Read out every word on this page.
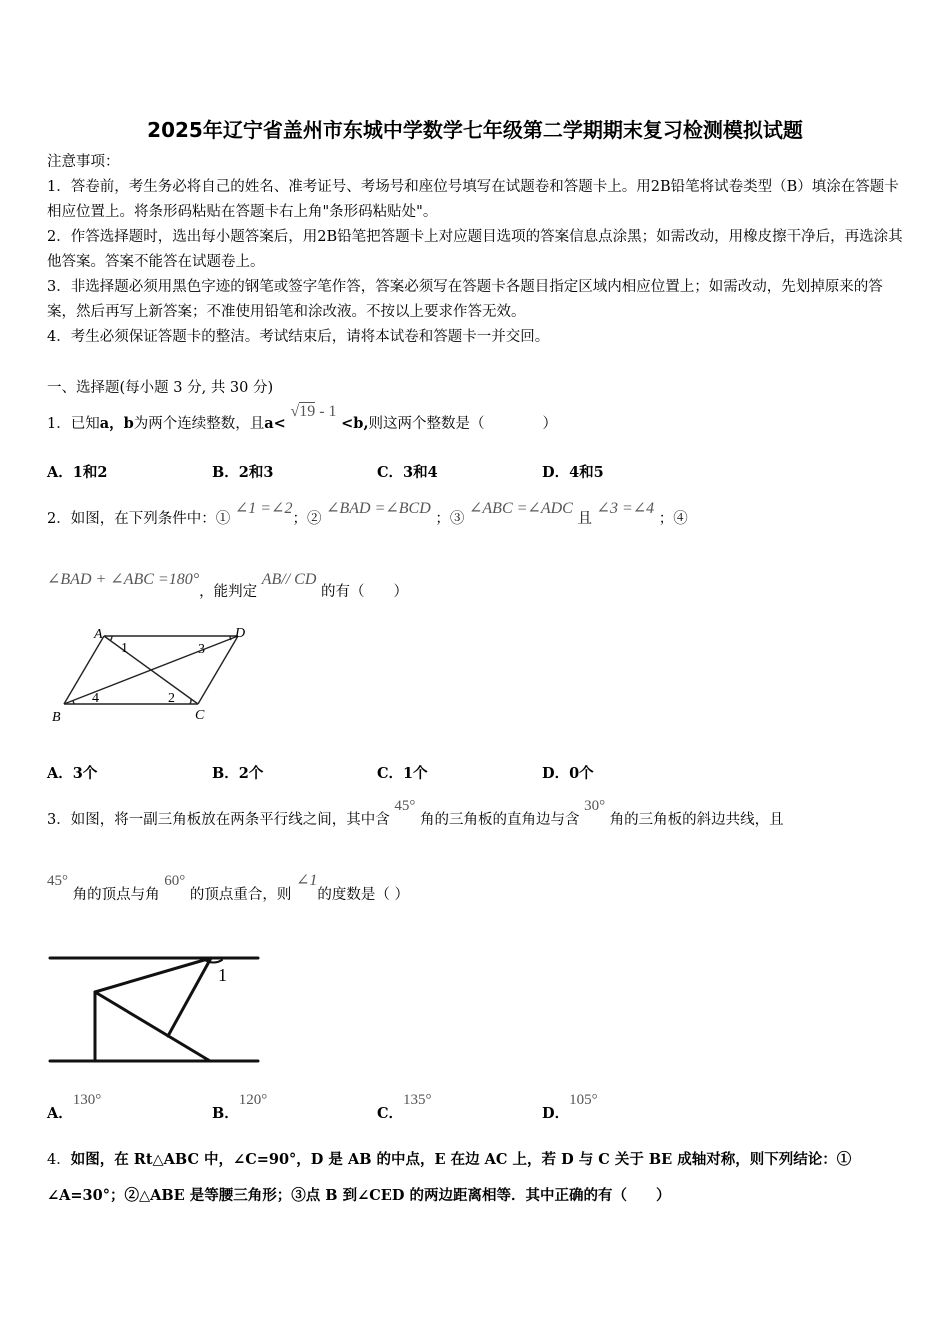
2025年辽宁省盖州市东城中学数学七年级第二学期期末复习检测模拟试题
注意事项：
1．答卷前，考生务必将自己的姓名、准考证号、考场号和座位号填写在试题卷和答题卡上。用2B铅笔将试卷类型（B）填涂在答题卡相应位置上。将条形码粘贴在答题卡右上角"条形码粘贴处"。
2．作答选择题时，选出每小题答案后，用2B铅笔把答题卡上对应题目选项的答案信息点涂黑；如需改动，用橡皮擦干净后，再选涂其他答案。答案不能答在试题卷上。
3．非选择题必须用黑色字迹的钢笔或签字笔作答，答案必须写在答题卡各题目指定区域内相应位置上；如需改动，先划掉原来的答案，然后再写上新答案；不准使用铅笔和涂改液。不按以上要求作答无效。
4．考生必须保证答题卡的整洁。考试结束后，请将本试卷和答题卡一并交回。
一、选择题(每小题 3 分, 共 30 分)
1．已知a，b为两个连续整数，且a< √19 - 1 <b,则这两个整数是（　　　　）
A．1和2	B．2和3	C．3和4	D．4和5
2．如图，在下列条件中：① ∠1 =∠2；② ∠BAD =∠BCD ；③ ∠ABC =∠ADC 且 ∠3 =∠4 ；④
∠BAD + ∠ABC =180°，能判定 AB// CD 的有（　　）
A	D
B	C
1	3
4	2
A．3个	B．2个	C．1个	D．0个
3．如图，将一副三角板放在两条平行线之间，其中含 45° 角的三角板的直角边与含 30° 角的三角板的斜边共线，且
45° 角的顶点与角 60° 的顶点重合，则 ∠1的度数是（ ）
1
A．130°
B．120°
C．135°
D．105°
4．如图，在 Rt△ABC 中，∠C=90°，D 是 AB 的中点，E 在边 AC 上，若 D 与 C 关于 BE 成轴对称，则下列结论：①
∠A=30°；②△ABE 是等腰三角形；③点 B 到∠CED 的两边距离相等．其中正确的有（　　）
